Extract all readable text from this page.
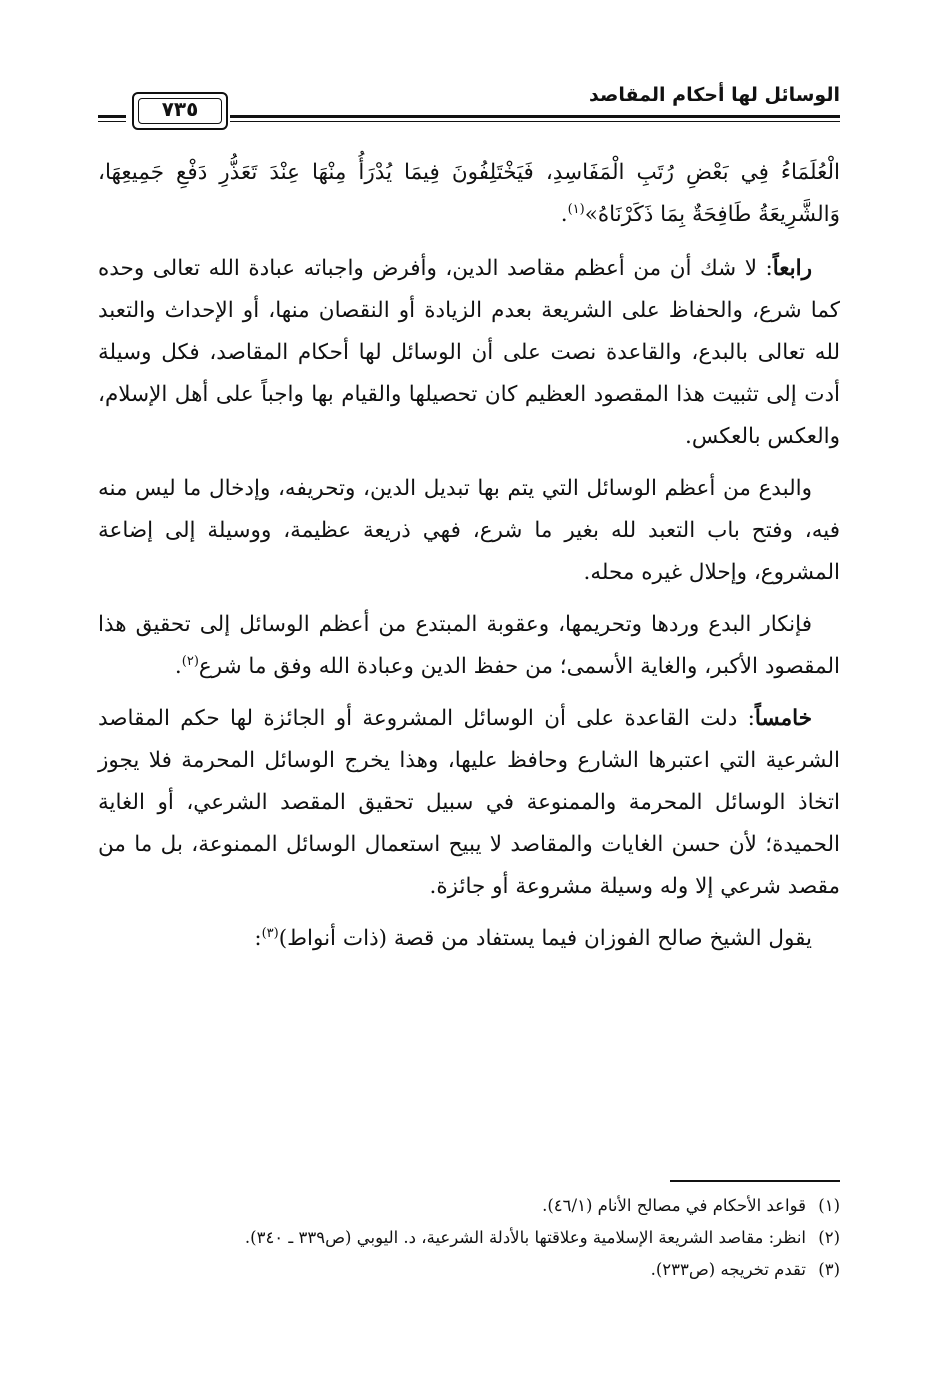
الوسائل لها أحكام المقاصد
٧٣٥

الْعُلَمَاءُ فِي بَعْضِ رُتَبِ الْمَفَاسِدِ، فَيَخْتَلِفُونَ فِيمَا يُدْرَأُ مِنْهَا عِنْدَ تَعَذُّرِ دَفْعِ جَمِيعِهَا، وَالشَّرِيعَةُ طَافِحَةٌ بِمَا ذَكَرْنَاهُ»$^{(١)}$.

رابعاً: لا شك أن من أعظم مقاصد الدين، وأفرض واجباته عبادة الله تعالى وحده كما شرع، والحفاظ على الشريعة بعدم الزيادة أو النقصان منها، أو الإحداث والتعبد لله تعالى بالبدع، والقاعدة نصت على أن الوسائل لها أحكام المقاصد، فكل وسيلة أدت إلى تثبيت هذا المقصود العظيم كان تحصيلها والقيام بها واجباً على أهل الإسلام، والعكس بالعكس.

والبدع من أعظم الوسائل التي يتم بها تبديل الدين، وتحريفه، وإدخال ما ليس منه فيه، وفتح باب التعبد لله بغير ما شرع، فهي ذريعة عظيمة، ووسيلة إلى إضاعة المشروع، وإحلال غيره محله.

فإنكار البدع وردها وتحريمها، وعقوبة المبتدع من أعظم الوسائل إلى تحقيق هذا المقصود الأكبر، والغاية الأسمى؛ من حفظ الدين وعبادة الله وفق ما شرع$^{(٢)}$.

خامساً: دلت القاعدة على أن الوسائل المشروعة أو الجائزة لها حكم المقاصد الشرعية التي اعتبرها الشارع وحافظ عليها، وهذا يخرج الوسائل المحرمة فلا يجوز اتخاذ الوسائل المحرمة والممنوعة في سبيل تحقيق المقصد الشرعي، أو الغاية الحميدة؛ لأن حسن الغايات والمقاصد لا يبيح استعمال الوسائل الممنوعة، بل ما من مقصد شرعي إلا وله وسيلة مشروعة أو جائزة.

يقول الشيخ صالح الفوزان فيما يستفاد من قصة (ذات أنواط)$^{(٣)}$:

(١)قواعد الأحكام في مصالح الأنام (٤٦/١).
(٢)انظر: مقاصد الشريعة الإسلامية وعلاقتها بالأدلة الشرعية، د. اليوبي (ص٣٣٩ ـ ٣٤٠).
(٣)تقدم تخريجه (ص٢٣٣).
